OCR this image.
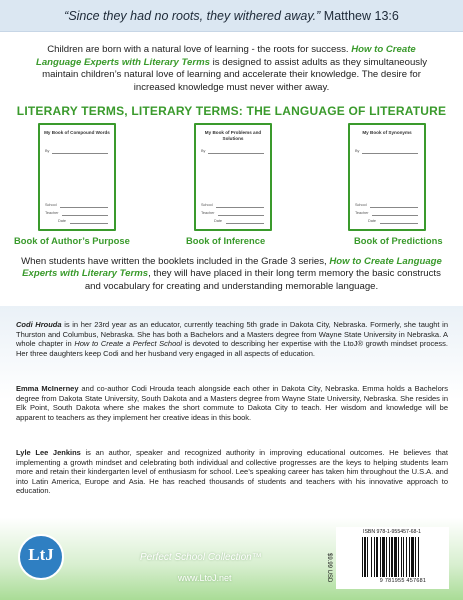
“Since they had no roots, they withered away.” Matthew 13:6
Children are born with a natural love of learning - the roots for success. How to Create Language Experts with Literary Terms is designed to assist adults as they simultaneously maintain children’s natural love of learning and accelerate their knowledge. The desire for increased knowledge must never wither away.
LITERARY TERMS, LITERARY TERMS: THE LANGUAGE OF LITERATURE
My Book of Compound Words
By
School
Teacher
Date
My Book of Problems and Solutions
By
School
Teacher
Date
My Book of Synonyms
By
School
Teacher
Date
Book of Author’s Purpose	Book of Inference	Book of Predictions
When students have written the booklets included in the Grade 3 series, How to Create Language Experts with Literary Terms, they will have placed in their long term memory the basic constructs and vocabulary for creating and understanding memorable language.
Codi Hrouda is in her 23rd year as an educator, currently teaching 5th grade in Dakota City, Nebraska. Formerly, she taught in Thurston and Columbus, Nebraska. She has both a Bachelors and a Masters degree from Wayne State University in Nebraska. A whole chapter in How to Create a Perfect School is devoted to describing her expertise with the LtoJ® growth mindset process. Her three daughters keep Codi and her husband very engaged in all aspects of education.
Emma McInerney and co-author Codi Hrouda teach alongside each other in Dakota City, Nebraska. Emma holds a Bachelors degree from Dakota State University, South Dakota and a Masters degree from Wayne State University, Nebraska. She resides in Elk Point, South Dakota where she makes the short commute to Dakota City to teach. Her wisdom and knowledge will be apparent to teachers as they implement her creative ideas in this book.
Lyle Lee Jenkins is an author, speaker and recognized authority in improving educational outcomes. He believes that implementing a growth mindset and celebrating both individual and collective progresses are the keys to helping students learn more and retain their kindergarten level of enthusiasm for school. Lee’s speaking career has taken him throughout the U.S.A. and into Latin America, Europe and Asia. He has reached thousands of students and teachers with his innovative approach to education.
LtJ	Perfect School Collection™
www.LtoJ.net
ISBN 978-1-955457-68-1
$9.99 USD	9 781955 457681
